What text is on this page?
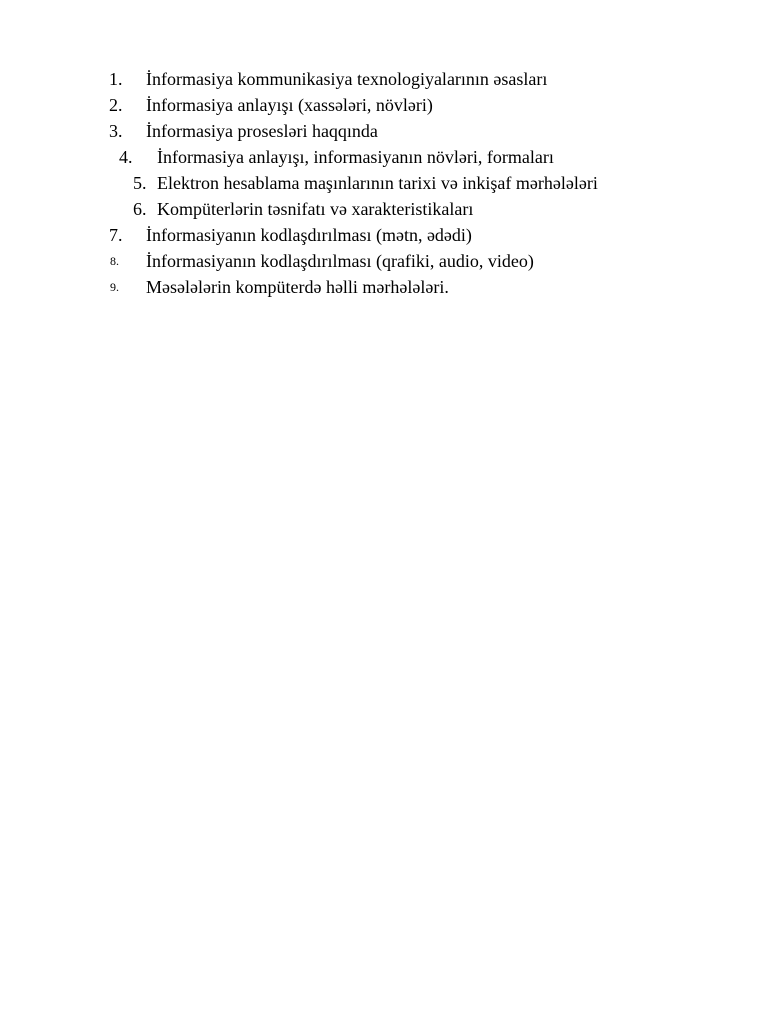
1. İnformasiya kommunikasiya texnologiyalarının əsasları
2. İnformasiya anlayışı (xassələri, növləri)
3. İnformasiya prosesləri haqqında
4. İnformasiya anlayışı, informasiyanın növləri, formaları
5. Elektron hesablama maşınlarının tarixi və inkişaf mərhələləri
6. Kompüterlərin təsnifatı və xarakteristikaları
7. İnformasiyanın kodlaşdırılması (mətn, ədədi)
8. İnformasiyanın kodlaşdırılması (qrafiki, audio, video)
9. Məsələlərin kompüterdə həlli mərhələləri.
